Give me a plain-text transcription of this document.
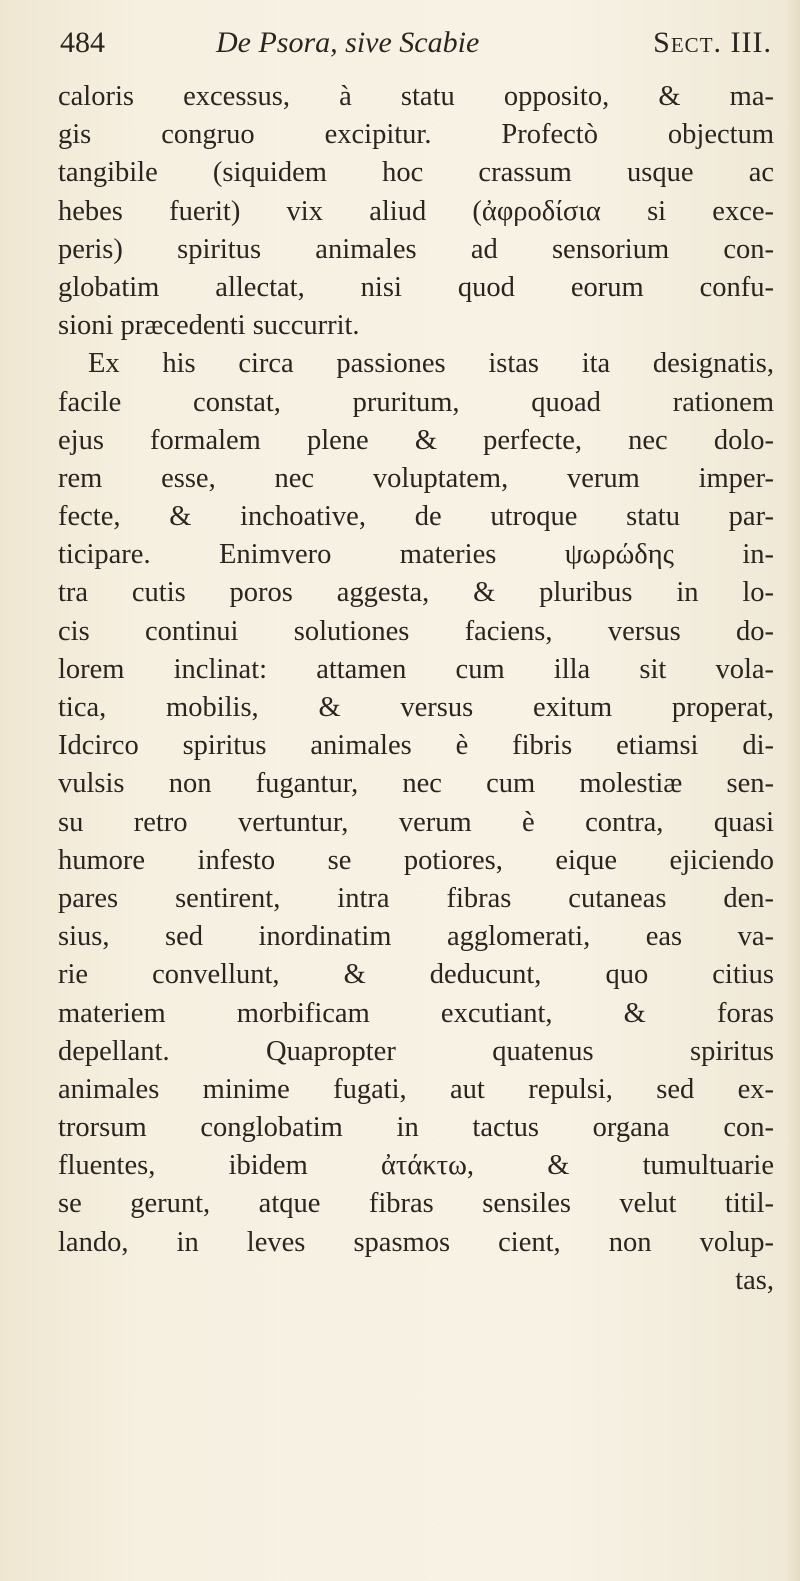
484	De Psora, sive Scabie	Sect. III.
caloris excessus, à statu opposito, & ma-
gis congruo excipitur. Profectò objectum
tangibile (siquidem hoc crassum usque ac
hebes fuerit) vix aliud (ἀφροδίσια si exce-
peris) spiritus animales ad sensorium con-
globatim allectat, nisi quod eorum confu-
sioni præcedenti succurrit.
Ex his circa passiones istas ita designatis,
facile constat, pruritum, quoad rationem
ejus formalem plene & perfecte, nec dolo-
rem esse, nec voluptatem, verum imper-
fecte, & inchoative, de utroque statu par-
ticipare. Enimvero materies ψωρώδης in-
tra cutis poros aggesta, & pluribus in lo-
cis continui solutiones faciens, versus do-
lorem inclinat: attamen cum illa sit vola-
tica, mobilis, & versus exitum properat,
Idcirco spiritus animales è fibris etiamsi di-
vulsis non fugantur, nec cum molestiæ sen-
su retro vertuntur, verum è contra, quasi
humore infesto se potiores, eique ejiciendo
pares sentirent, intra fibras cutaneas den-
sius, sed inordinatim agglomerati, eas va-
rie convellunt, & deducunt, quo citius
materiem morbificam excutiant, & foras
depellant. Quapropter quatenus spiritus
animales minime fugati, aut repulsi, sed ex-
trorsum conglobatim in tactus organa con-
fluentes, ibidem ἀτάκτω, & tumultuarie
se gerunt, atque fibras sensiles velut titil-
lando, in leves spasmos cient, non volup-
tas,
